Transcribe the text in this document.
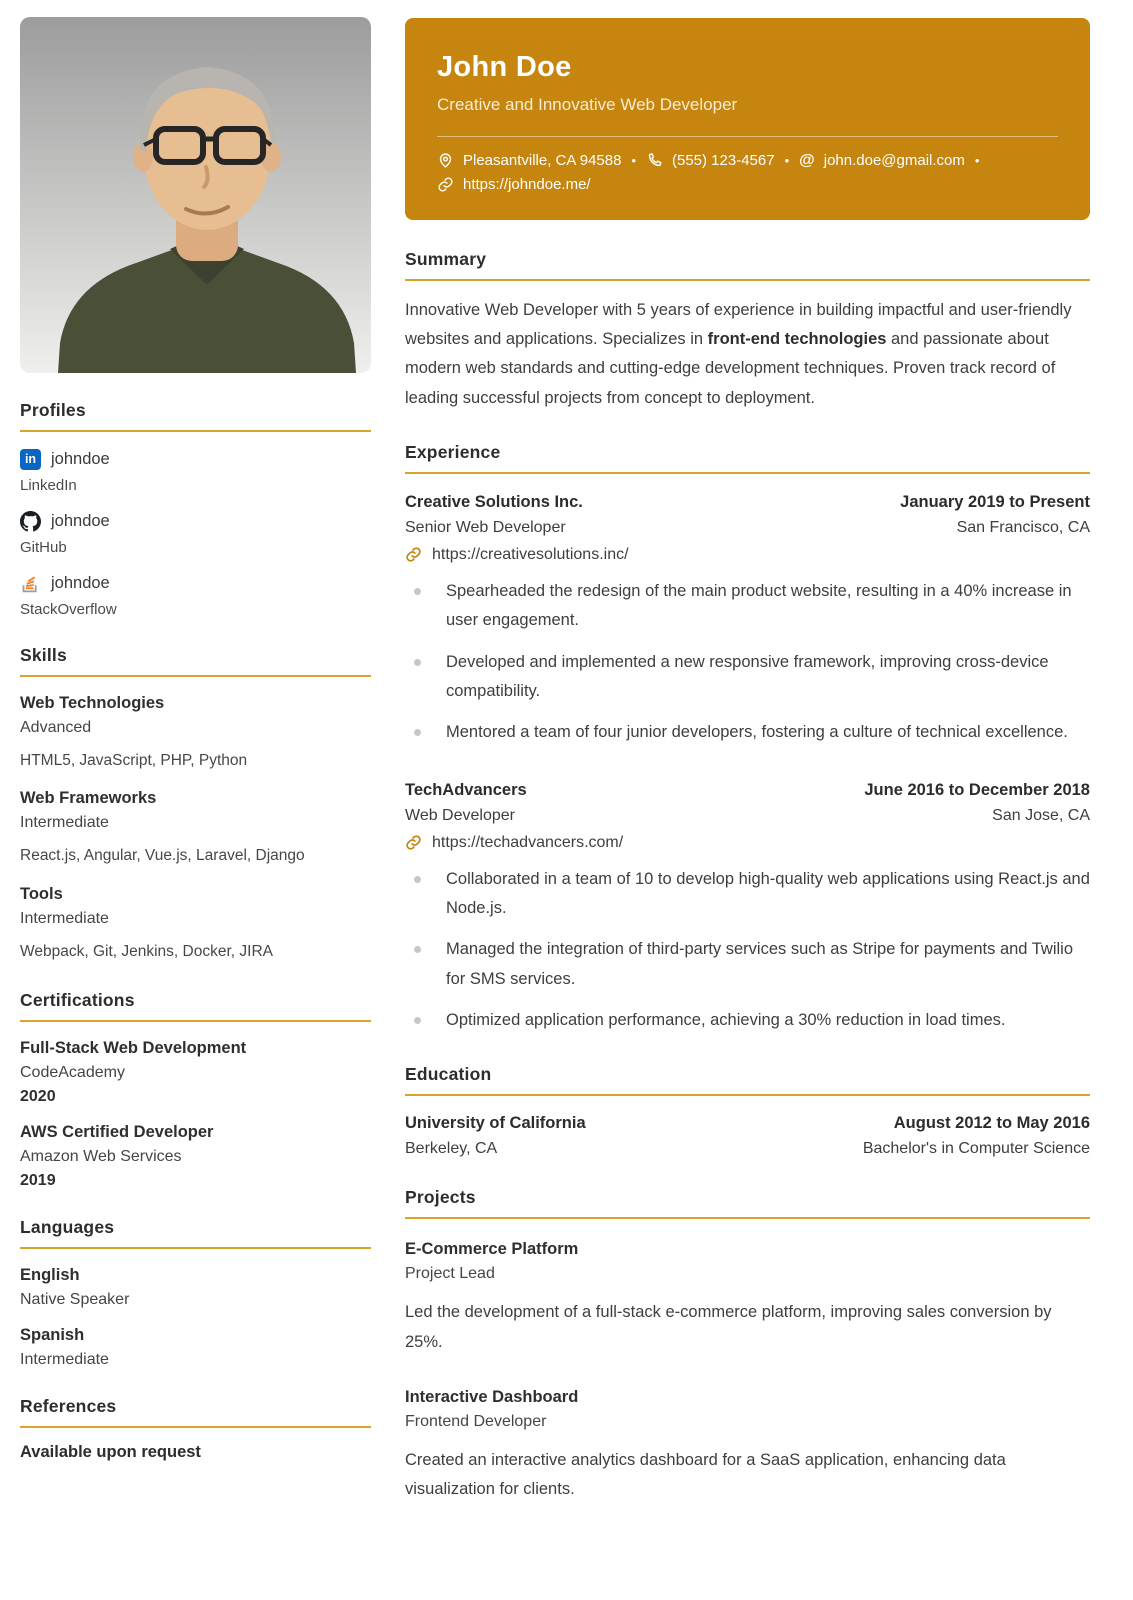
Profiles
in johndoe
LinkedIn
johndoe
GitHub
johndoe
StackOverflow
Skills
Web Technologies
Advanced
HTML5, JavaScript, PHP, Python
Web Frameworks
Intermediate
React.js, Angular, Vue.js, Laravel, Django
Tools
Intermediate
Webpack, Git, Jenkins, Docker, JIRA
Certifications
Full-Stack Web Development
CodeAcademy
2020
AWS Certified Developer
Amazon Web Services
2019
Languages
English
Native Speaker
Spanish
Intermediate
References
Available upon request
John Doe
Creative and Innovative Web Developer
Pleasantville, CA 94588 • (555) 123-4567 • @ john.doe@gmail.com •
https://johndoe.me/
Summary

Innovative Web Developer with 5 years of experience in building impactful and user-friendly websites and applications. Specializes in front-end technologies and passionate about modern web standards and cutting-edge development techniques. Proven track record of leading successful projects from concept to deployment.

Experience
Creative Solutions Inc.	January 2019 to Present
Senior Web Developer	San Francisco, CA
https://creativesolutions.inc/
Spearheaded the redesign of the main product website, resulting in a 40% increase in user engagement.
Developed and implemented a new responsive framework, improving cross-device compatibility.
Mentored a team of four junior developers, fostering a culture of technical excellence.
TechAdvancers	June 2016 to December 2018
Web Developer	San Jose, CA
https://techadvancers.com/
Collaborated in a team of 10 to develop high-quality web applications using React.js and Node.js.
Managed the integration of third-party services such as Stripe for payments and Twilio for SMS services.
Optimized application performance, achieving a 30% reduction in load times.
Education
University of California	August 2012 to May 2016
Berkeley, CA	Bachelor's in Computer Science
Projects
E-Commerce Platform
Project Lead

Led the development of a full-stack e-commerce platform, improving sales conversion by 25%.

Interactive Dashboard
Frontend Developer

Created an interactive analytics dashboard for a SaaS application, enhancing data visualization for clients.
